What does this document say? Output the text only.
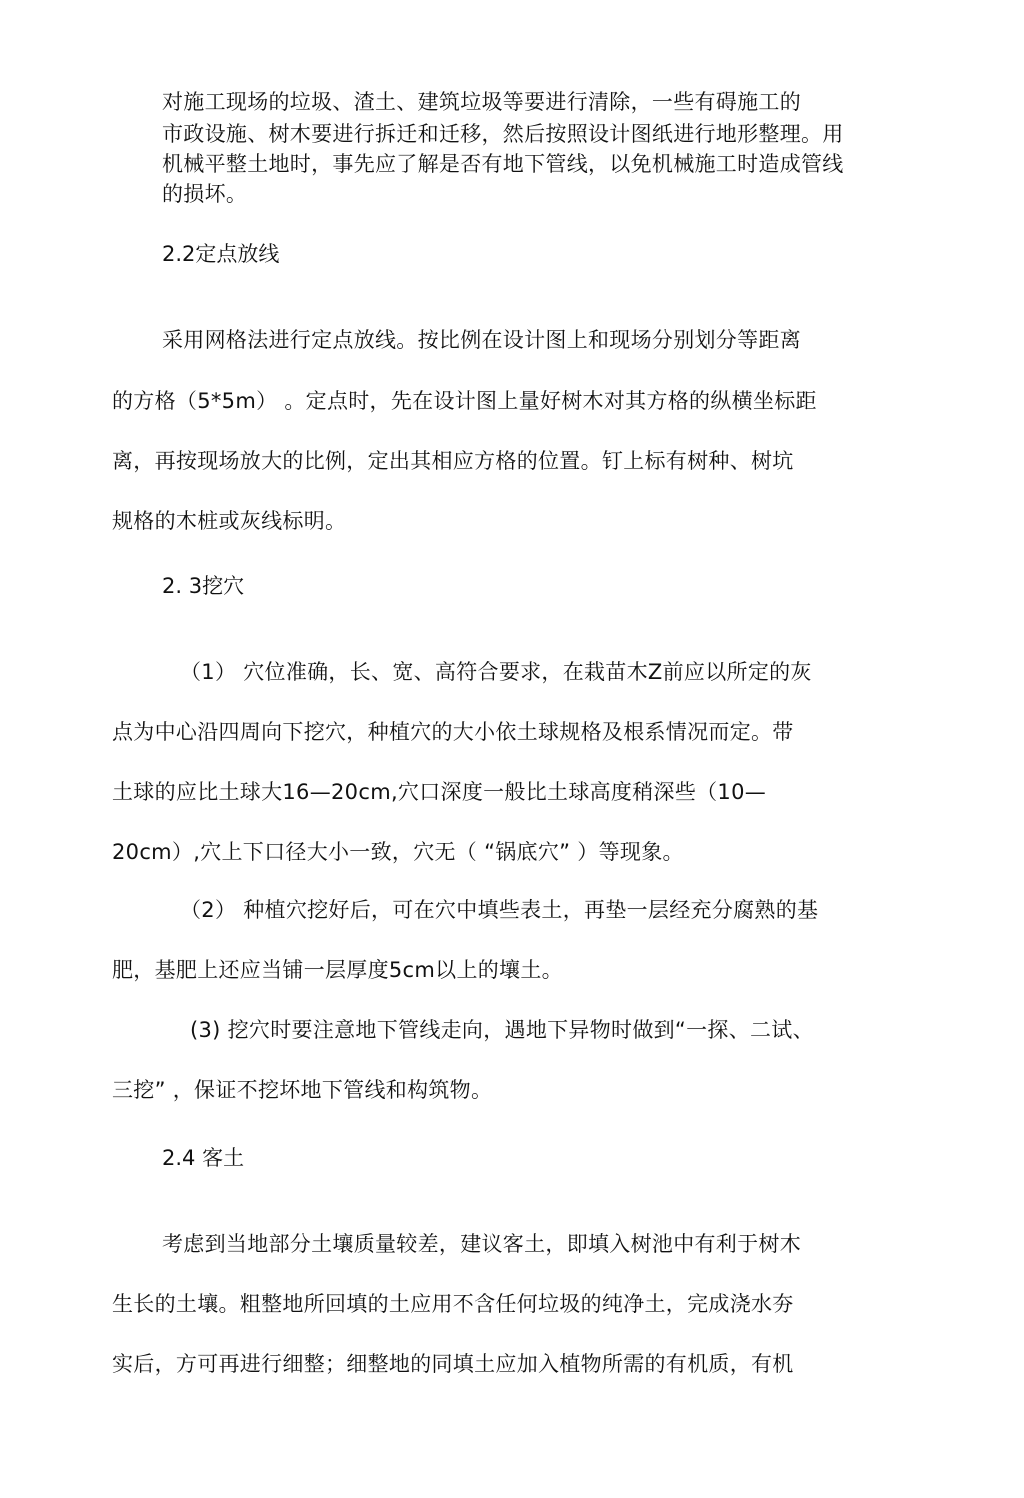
对施工现场的垃圾、渣土、建筑垃圾等要进行清除，一些有碍施工的
市政设施、树木要进行拆迁和迁移，然后按照设计图纸进行地形整理。用
机械平整土地时，事先应了解是否有地下管线，以免机械施工时造成管线
的损坏。
2.2定点放线
采用网格法进行定点放线。按比例在设计图上和现场分别划分等距离
的方格（5*5m） 。定点时，先在设计图上量好树木对其方格的纵横坐标距
离，再按现场放大的比例，定出其相应方格的位置。钉上标有树种、树坑
规格的木桩或灰线标明。
2. 3挖穴
（1） 穴位准确，长、宽、高符合要求，在栽苗木Z前应以所定的灰
点为中心沿四周向下挖穴，种植穴的大小依土球规格及根系情况而定。带
土球的应比土球大16—20cm,穴口深度一般比土球高度稍深些（10—
20cm）,穴上下口径大小一致，穴无（ “锅底穴” ）等现象。
（2） 种植穴挖好后，可在穴中填些表土，再垫一层经充分腐熟的基
肥，基肥上还应当铺一层厚度5cm以上的壤土。
(3) 挖穴时要注意地下管线走向，遇地下异物时做到“一探、二试、
三挖” ，保证不挖坏地下管线和构筑物。
2.4 客土
考虑到当地部分土壤质量较差，建议客土，即填入树池中有利于树木
生长的土壤。粗整地所回填的土应用不含任何垃圾的纯净土，完成浇水夯
实后，方可再进行细整；细整地的同填土应加入植物所需的有机质，有机
